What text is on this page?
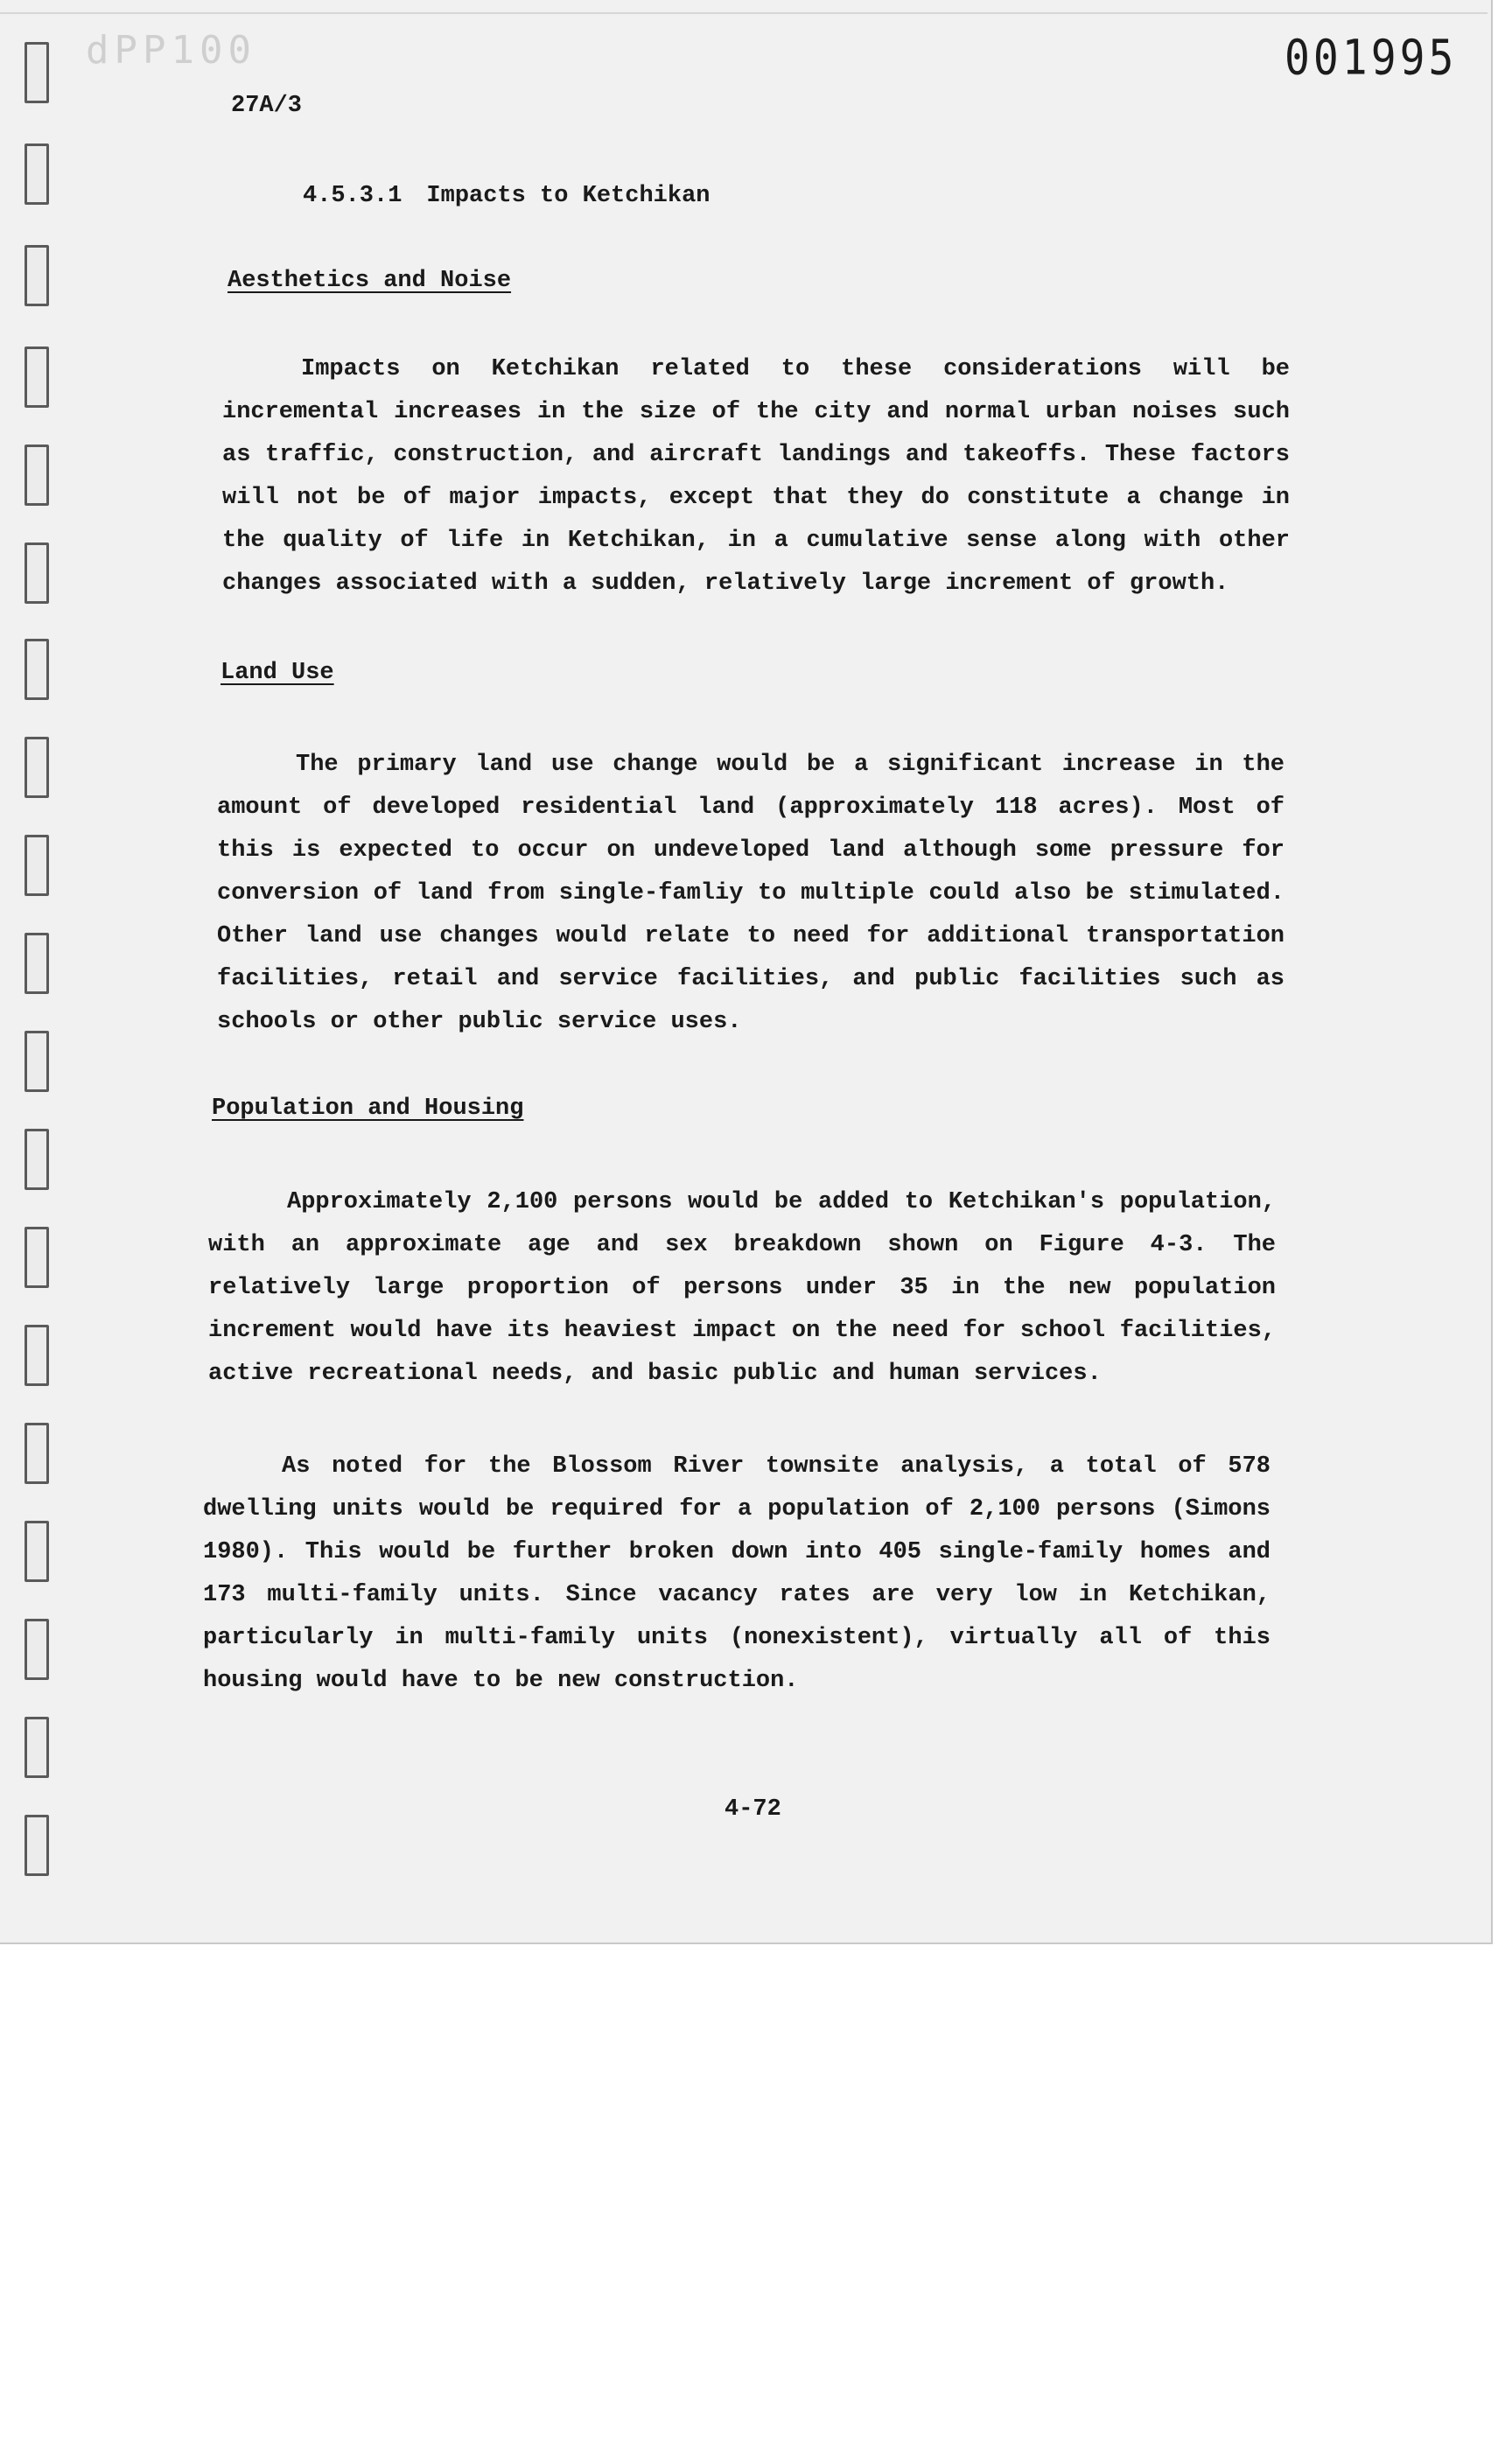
dPP100	001995
27A/3
4.5.3.1 Impacts to Ketchikan
Aesthetics and Noise

Impacts on Ketchikan related to these considerations will be incremental increases in the size of the city and normal urban noises such as traffic, construction, and aircraft landings and takeoffs. These factors will not be of major impacts, except that they do constitute a change in the quality of life in Ketchikan, in a cumulative sense along with other changes associated with a sudden, relatively large increment of growth.

Land Use

The primary land use change would be a significant increase in the amount of developed residential land (approximately 118 acres). Most of this is expected to occur on undeveloped land although some pressure for conversion of land from single-famliy to multiple could also be stimulated. Other land use changes would relate to need for additional transportation facilities, retail and service facilities, and public facilities such as schools or other public service uses.

Population and Housing

Approximately 2,100 persons would be added to Ketchikan's population, with an approximate age and sex breakdown shown on Figure 4-3. The relatively large proportion of persons under 35 in the new population increment would have its heaviest impact on the need for school facilities, active recreational needs, and basic public and human services.

As noted for the Blossom River townsite analysis, a total of 578 dwelling units would be required for a population of 2,100 persons (Simons 1980). This would be further broken down into 405 single-family homes and 173 multi-family units. Since vacancy rates are very low in Ketchikan, particularly in multi-family units (nonexistent), virtually all of this housing would have to be new construction.

4-72
